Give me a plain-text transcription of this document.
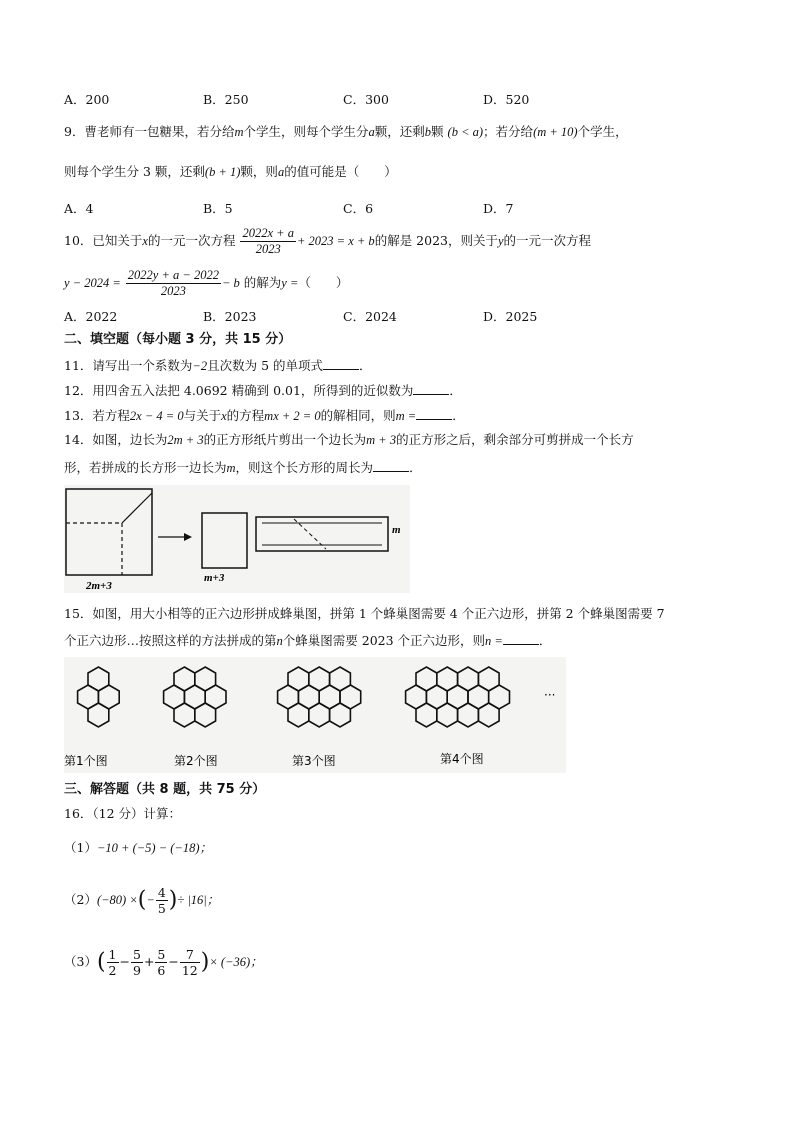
A．200	B．250	C．300	D．520
9．曹老师有一包糖果，若分给m个学生，则每个学生分a颗，还剩b颗 (b < a)；若分给(m + 10)个学生，
则每个学生分 3 颗，还剩(b + 1)颗，则a的值可能是（　　）
A．4	B．5	C．6	D．7
10．已知关于x的一元一次方程 $\frac{2022x + a}{2023} + 2023 = x + b$的解是 2023，则关于y的一元一次方程
$y - 2024 = \frac{2022y + a - 2022}{2023} - b$ 的解为y =（　　）
A．2022	B．2023	C．2024	D．2025
二、填空题（每小题 3 分，共 15 分）
11．请写出一个系数为−2且次数为 5 的单项式	．
12．用四舍五入法把 4.0692 精确到 0.01，所得到的近似数为	．
13．若方程2x − 4 = 0与关于x的方程mx + 2 = 0的解相同，则m =	．
14．如图，边长为2m + 3的正方形纸片剪出一个边长为m + 3的正方形之后，剩余部分可剪拼成一个长方
形，若拼成的长方形一边长为m，则这个长方形的周长为	．
2m+3
m+3
m
15．如图，用大小相等的正六边形拼成蜂巢图，拼第 1 个蜂巢图需要 4 个正六边形，拼第 2 个蜂巢图需要 7
个正六边形…按照这样的方法拼成的第n个蜂巢图需要 2023 个正六边形，则n =	．
第1个图	第2个图	第3个图	第4个图
···
三、解答题（共 8 题，共 75 分）
16．（12 分）计算：
（1）−10 + (−5) − (−18)；
（2）(−80) ×(− $\frac{4}{5}$ )÷ |16|；
$(3)( \frac{1}{2} - \frac{5}{9} + \frac{5}{6} - \frac{7}{12}$ )× (−36)；
